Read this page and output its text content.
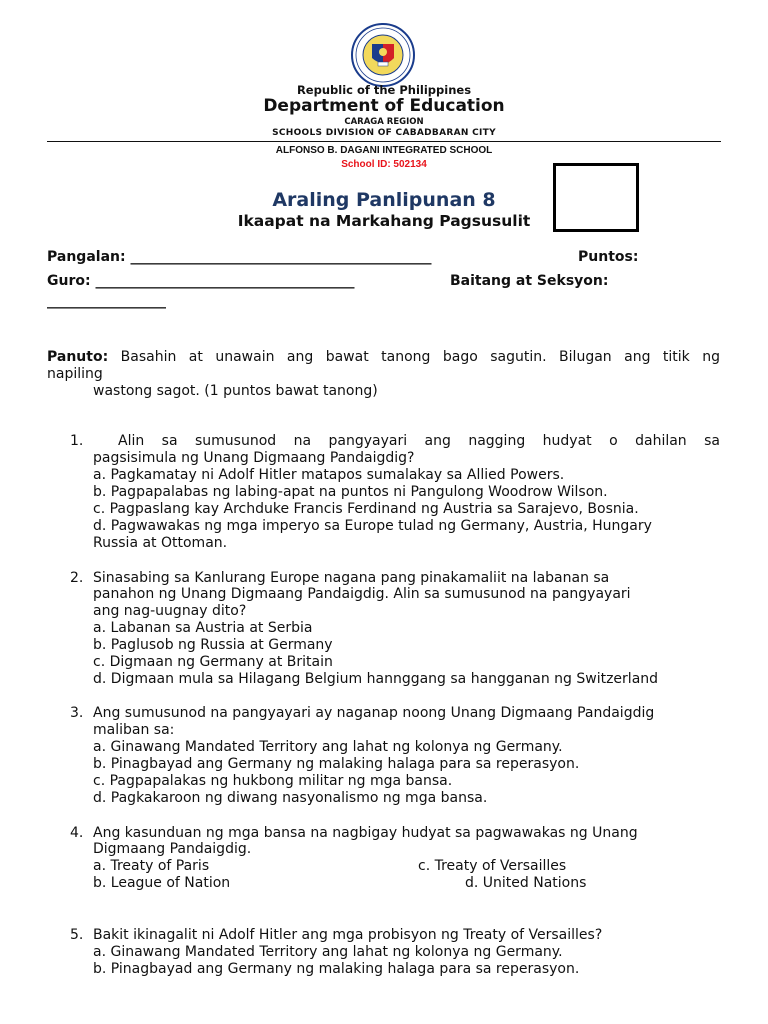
Republic of the Philippines
Department of Education
CARAGA REGION
SCHOOLS DIVISION OF CABADBARAN CITY
ALFONSO B. DAGANI INTEGRATED SCHOOL
School ID: 502134
Araling Panlipunan 8
Ikaapat na Markahang Pagsusulit
Pangalan: ___________________________________________	Puntos:
Guro: _____________________________________	Baitang at Seksyon:
_________________
Panuto: Basahin at unawain ang bawat tanong bago sagutin. Bilugan ang titik ng
napiling
wastong sagot. (1 puntos bawat tanong)
1. Alin sa sumusunod na pangyayari ang nagging hudyat o dahilan sa
pagsisimula ng Unang Digmaang Pandaigdig?
a. Pagkamatay ni Adolf Hitler matapos sumalakay sa Allied Powers.
b. Pagpapalabas ng labing-apat na puntos ni Pangulong Woodrow Wilson.
c. Pagpaslang kay Archduke Francis Ferdinand ng Austria sa Sarajevo, Bosnia.
d. Pagwawakas ng mga imperyo sa Europe tulad ng Germany, Austria, Hungary
Russia at Ottoman.
2. Sinasabing sa Kanlurang Europe nagana pang pinakamaliit na labanan sa
panahon ng Unang Digmaang Pandaigdig. Alin sa sumusunod na pangyayari
ang nag-uugnay dito?
a. Labanan sa Austria at Serbia
b. Paglusob ng Russia at Germany
c. Digmaan ng Germany at Britain
d. Digmaan mula sa Hilagang Belgium hannggang sa hangganan ng Switzerland
3. Ang sumusunod na pangyayari ay naganap noong Unang Digmaang Pandaigdig
maliban sa:
a. Ginawang Mandated Territory ang lahat ng kolonya ng Germany.
b. Pinagbayad ang Germany ng malaking halaga para sa reperasyon.
c. Pagpapalakas ng hukbong militar ng mga bansa.
d. Pagkakaroon ng diwang nasyonalismo ng mga bansa.
4. Ang kasunduan ng mga bansa na nagbigay hudyat sa pagwawakas ng Unang
Digmaang Pandaigdig.
a. Treaty of Paris	c. Treaty of Versailles
b. League of Nation	d. United Nations
5. Bakit ikinagalit ni Adolf Hitler ang mga probisyon ng Treaty of Versailles?
a. Ginawang Mandated Territory ang lahat ng kolonya ng Germany.
b. Pinagbayad ang Germany ng malaking halaga para sa reperasyon.
